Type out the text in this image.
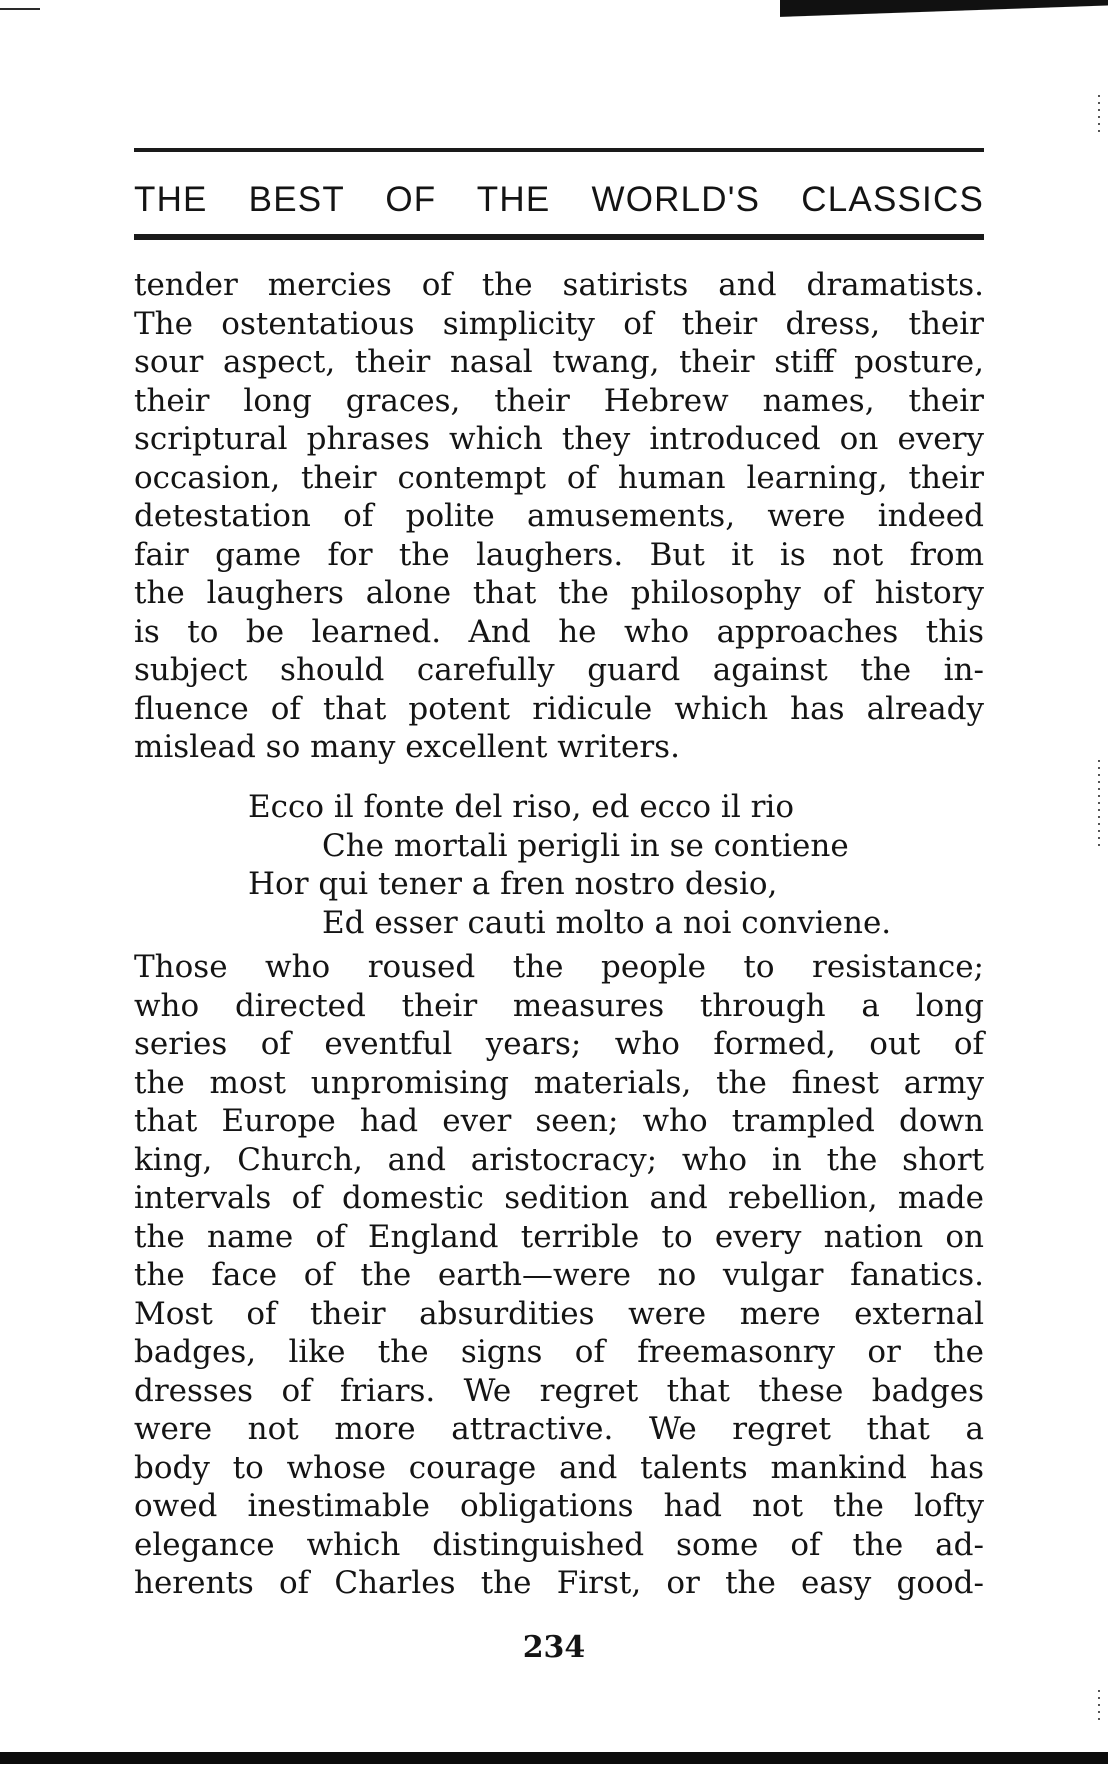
THE BEST OF THE WORLD'S CLASSICS
tender mercies of the satirists and dramatists.
The ostentatious simplicity of their dress, their
sour aspect, their nasal twang, their stiff posture,
their long graces, their Hebrew names, their
scriptural phrases which they introduced on every
occasion, their contempt of human learning, their
detestation of polite amusements, were indeed
fair game for the laughers. But it is not from
the laughers alone that the philosophy of history
is to be learned. And he who approaches this
subject should carefully guard against the in-
fluence of that potent ridicule which has already
mislead so many excellent writers.
Ecco il fonte del riso, ed ecco il rio
Che mortali perigli in se contiene
Hor qui tener a fren nostro desio,
Ed esser cauti molto a noi conviene.
Those who roused the people to resistance;
who directed their measures through a long
series of eventful years; who formed, out of
the most unpromising materials, the finest army
that Europe had ever seen; who trampled down
king, Church, and aristocracy; who in the short
intervals of domestic sedition and rebellion, made
the name of England terrible to every nation on
the face of the earth—were no vulgar fanatics.
Most of their absurdities were mere external
badges, like the signs of freemasonry or the
dresses of friars. We regret that these badges
were not more attractive. We regret that a
body to whose courage and talents mankind has
owed inestimable obligations had not the lofty
elegance which distinguished some of the ad-
herents of Charles the First, or the easy good-
234
